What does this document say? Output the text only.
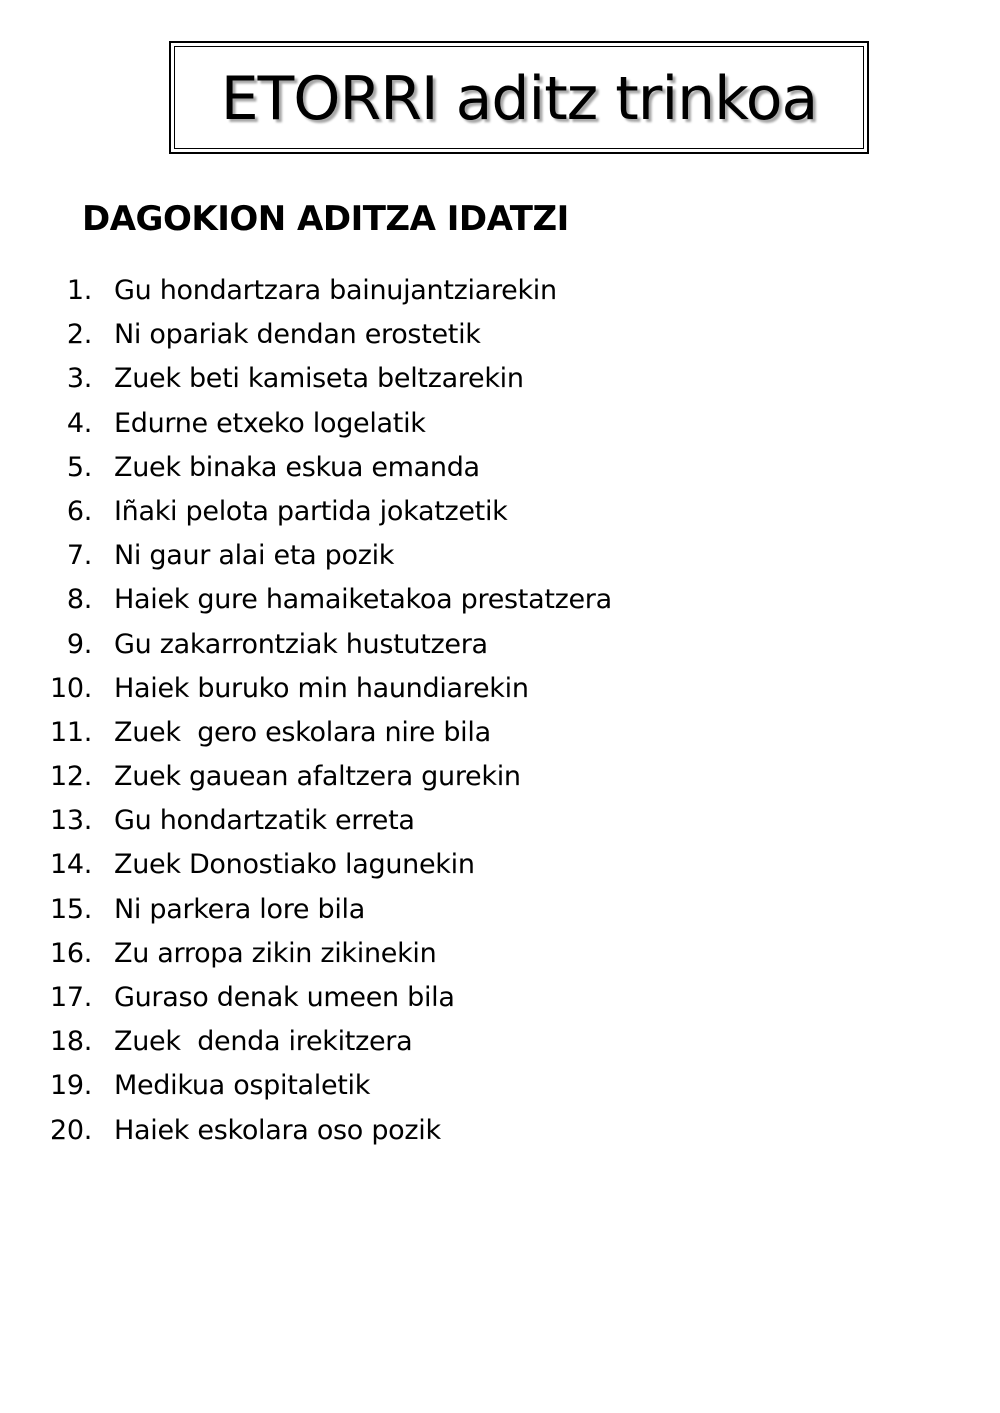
ETORRI aditz trinkoa
DAGOKION ADITZA IDATZI
1. Gu hondartzara bainujantziarekin
2. Ni opariak dendan erostetik
3. Zuek beti kamiseta beltzarekin
4. Edurne etxeko logelatik
5. Zuek binaka eskua emanda
6. Iñaki pelota partida jokatzetik
7. Ni gaur alai eta pozik
8. Haiek gure hamaiketakoa prestatzera
9. Gu zakarrontziak hustutzera
10. Haiek buruko min haundiarekin
11. Zuek  gero eskolara nire bila
12. Zuek gauean afaltzera gurekin
13. Gu hondartzatik erreta
14. Zuek Donostiako lagunekin
15. Ni parkera lore bila
16. Zu arropa zikin zikinekin
17. Guraso denak umeen bila
18. Zuek  denda irekitzera
19. Medikua ospitaletik
20. Haiek eskolara oso pozik
